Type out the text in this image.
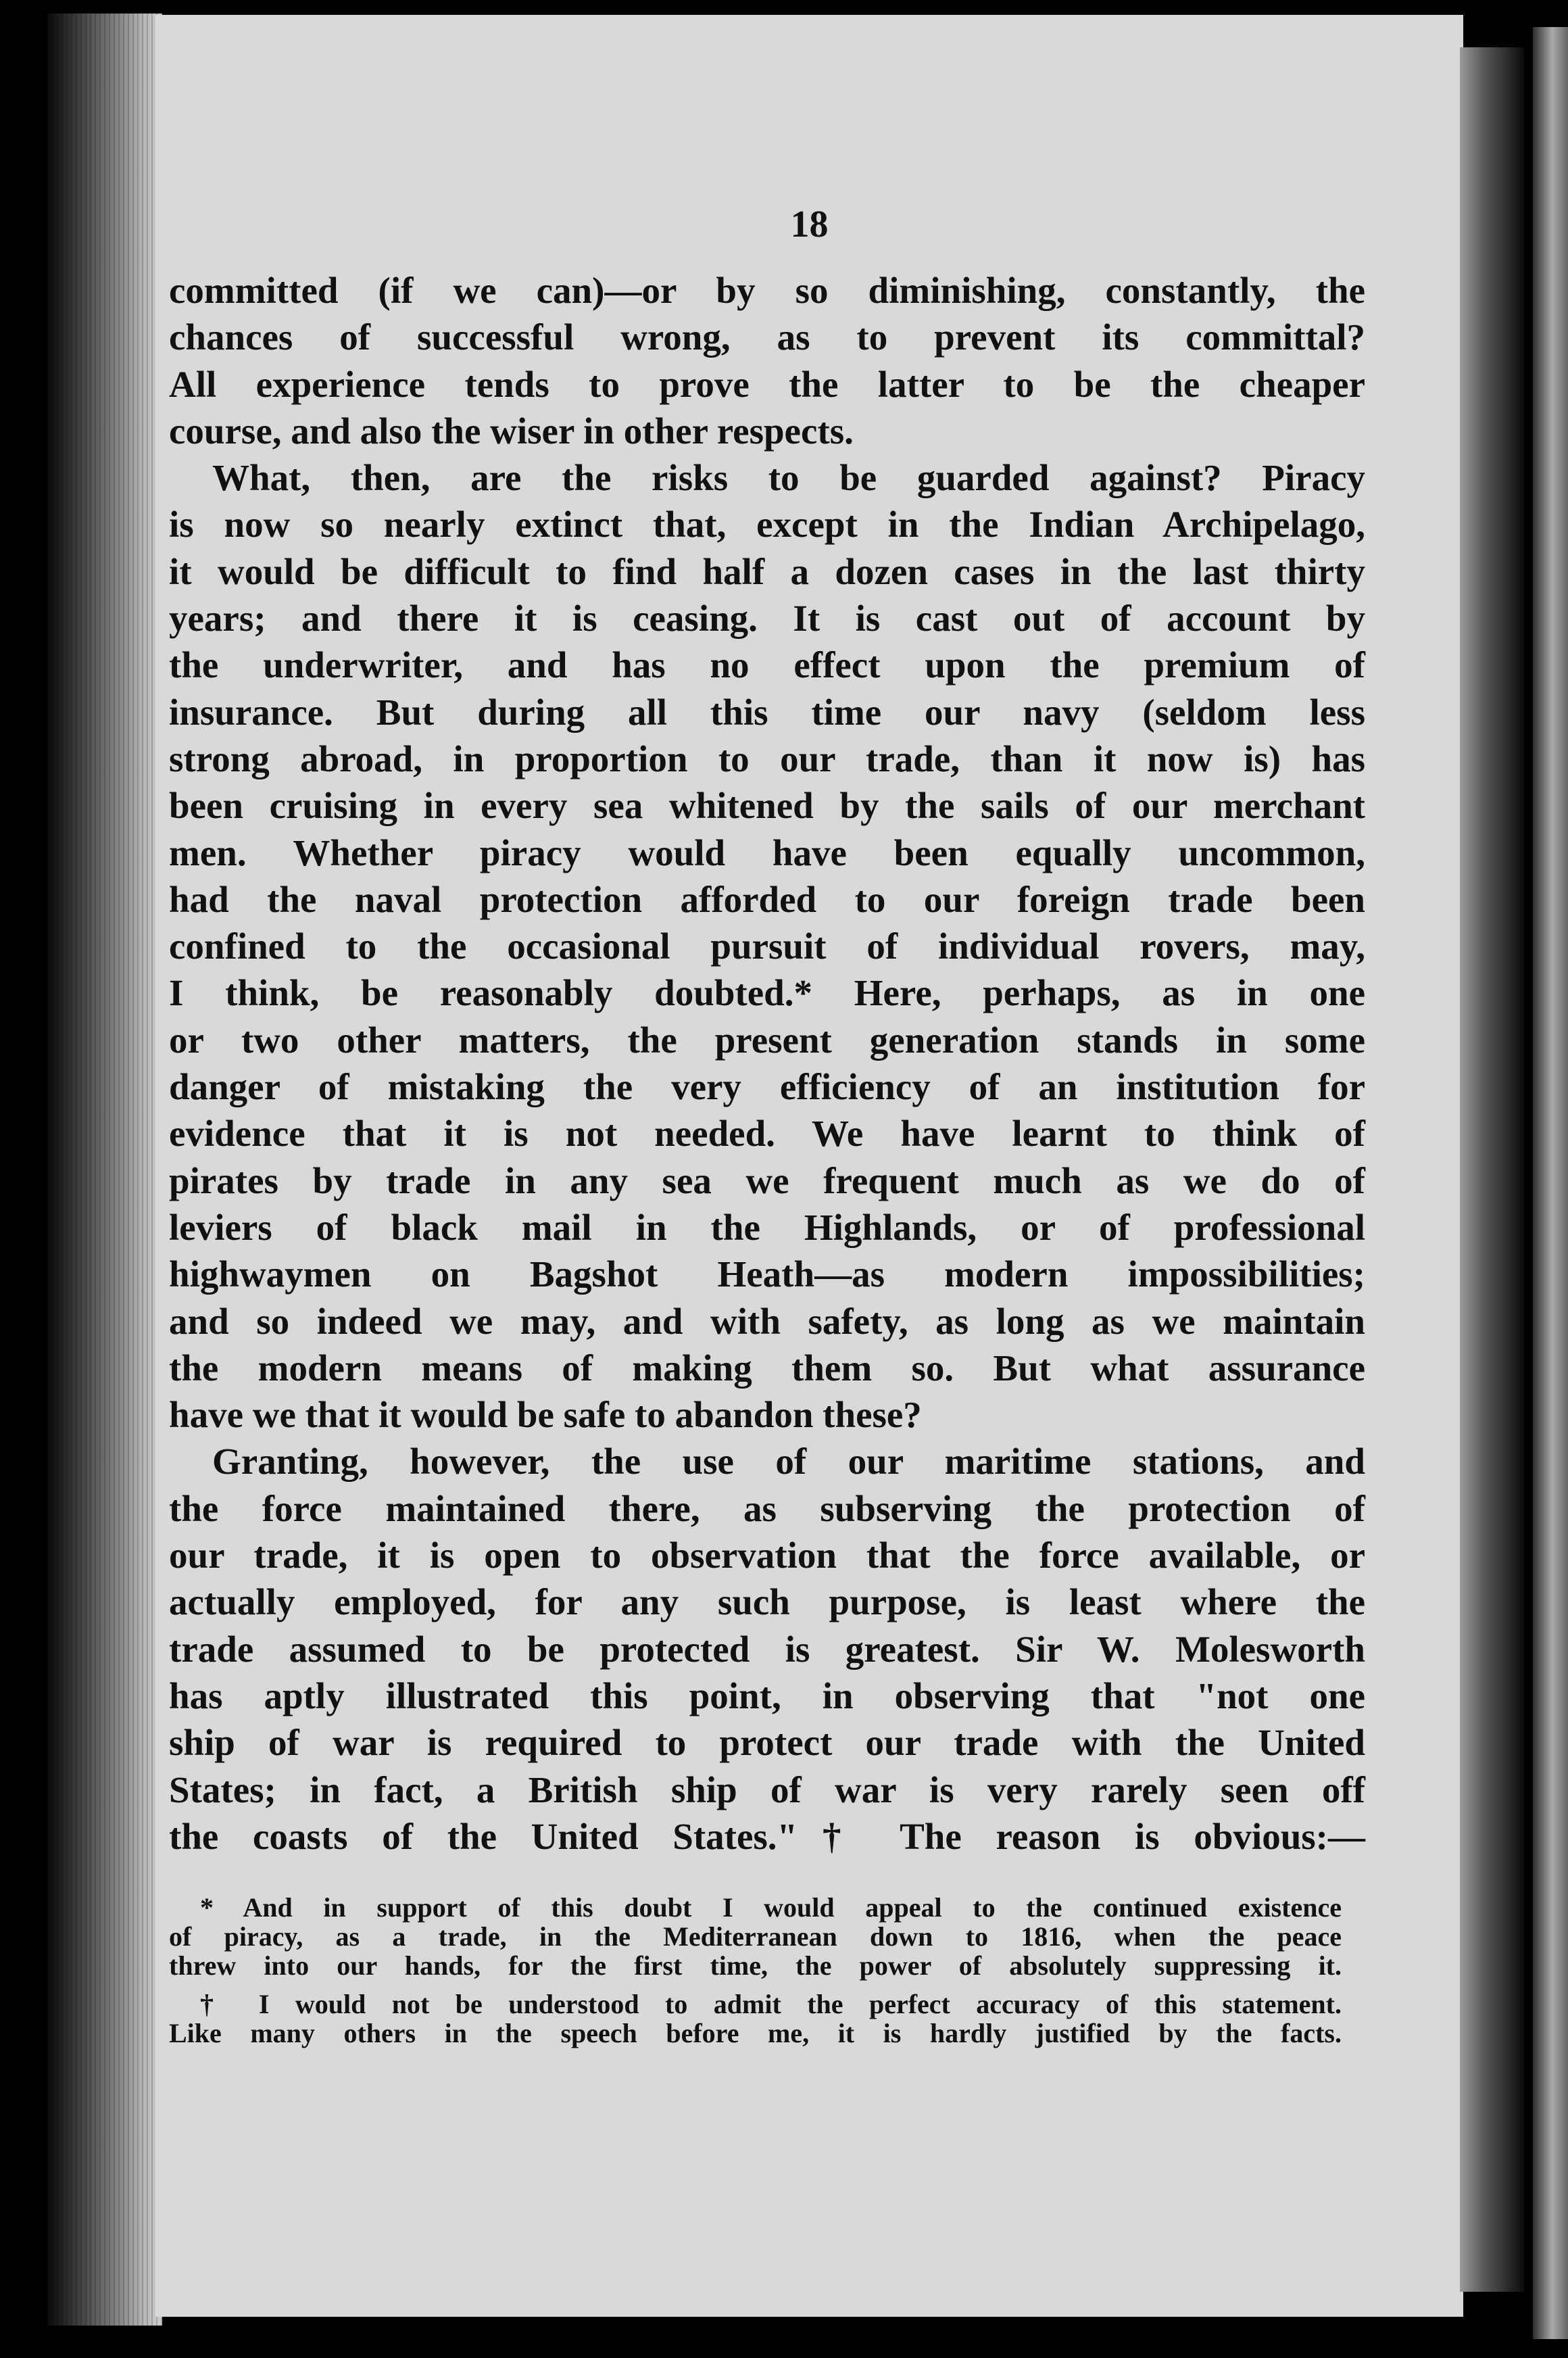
18
committed (if we can)—or by so diminishing, constantly, the
chances of successful wrong, as to prevent its committal?
All experience tends to prove the latter to be the cheaper
course, and also the wiser in other respects.
What, then, are the risks to be guarded against? Piracy
is now so nearly extinct that, except in the Indian Archipelago,
it would be difficult to find half a dozen cases in the last thirty
years; and there it is ceasing. It is cast out of account by
the underwriter, and has no effect upon the premium of
insurance. But during all this time our navy (seldom less
strong abroad, in proportion to our trade, than it now is) has
been cruising in every sea whitened by the sails of our merchant
men. Whether piracy would have been equally uncommon,
had the naval protection afforded to our foreign trade been
confined to the occasional pursuit of individual rovers, may,
I think, be reasonably doubted.* Here, perhaps, as in one
or two other matters, the present generation stands in some
danger of mistaking the very efficiency of an institution for
evidence that it is not needed. We have learnt to think of
pirates by trade in any sea we frequent much as we do of
leviers of black mail in the Highlands, or of professional
highwaymen on Bagshot Heath—as modern impossibilities;
and so indeed we may, and with safety, as long as we maintain
the modern means of making them so. But what assurance
have we that it would be safe to abandon these?
Granting, however, the use of our maritime stations, and
the force maintained there, as subserving the protection of
our trade, it is open to observation that the force available, or
actually employed, for any such purpose, is least where the
trade assumed to be protected is greatest. Sir W. Molesworth
has aptly illustrated this point, in observing that "not one
ship of war is required to protect our trade with the United
States; in fact, a British ship of war is very rarely seen off
the coasts of the United States."† The reason is obvious:—
* And in support of this doubt I would appeal to the continued existence
of piracy, as a trade, in the Mediterranean down to 1816, when the peace
threw into our hands, for the first time, the power of absolutely suppressing it.
† I would not be understood to admit the perfect accuracy of this statement.
Like many others in the speech before me, it is hardly justified by the facts.
